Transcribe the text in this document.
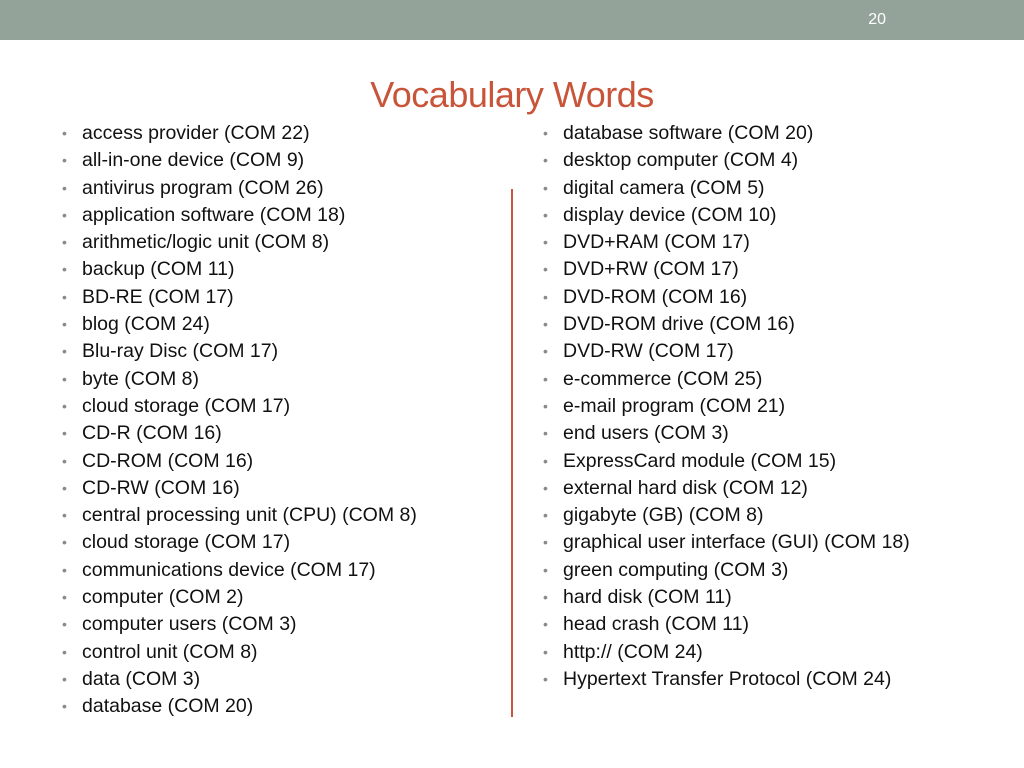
20
Vocabulary Words
• access provider (COM 22)
• all-in-one device (COM 9)
• antivirus program (COM 26)
• application software (COM 18)
• arithmetic/logic unit (COM 8)
• backup (COM 11)
• BD-RE (COM 17)
• blog (COM 24)
• Blu-ray Disc (COM 17)
• byte (COM 8)
• cloud storage (COM 17)
• CD-R (COM 16)
• CD-ROM (COM 16)
• CD-RW (COM 16)
• central processing unit (CPU) (COM 8)
• cloud storage (COM 17)
• communications device (COM 17)
• computer (COM 2)
• computer users (COM 3)
• control unit (COM 8)
• data (COM 3)
• database (COM 20)
• database software (COM 20)
• desktop computer (COM 4)
• digital camera (COM 5)
• display device (COM 10)
• DVD+RAM (COM 17)
• DVD+RW (COM 17)
• DVD-ROM (COM 16)
• DVD-ROM drive (COM 16)
• DVD-RW (COM 17)
• e-commerce (COM 25)
• e-mail program (COM 21)
• end users (COM 3)
• ExpressCard module (COM 15)
• external hard disk (COM 12)
• gigabyte (GB) (COM 8)
• graphical user interface (GUI) (COM 18)
• green computing (COM 3)
• hard disk (COM 11)
• head crash (COM 11)
• http:// (COM 24)
• Hypertext Transfer Protocol (COM 24)
